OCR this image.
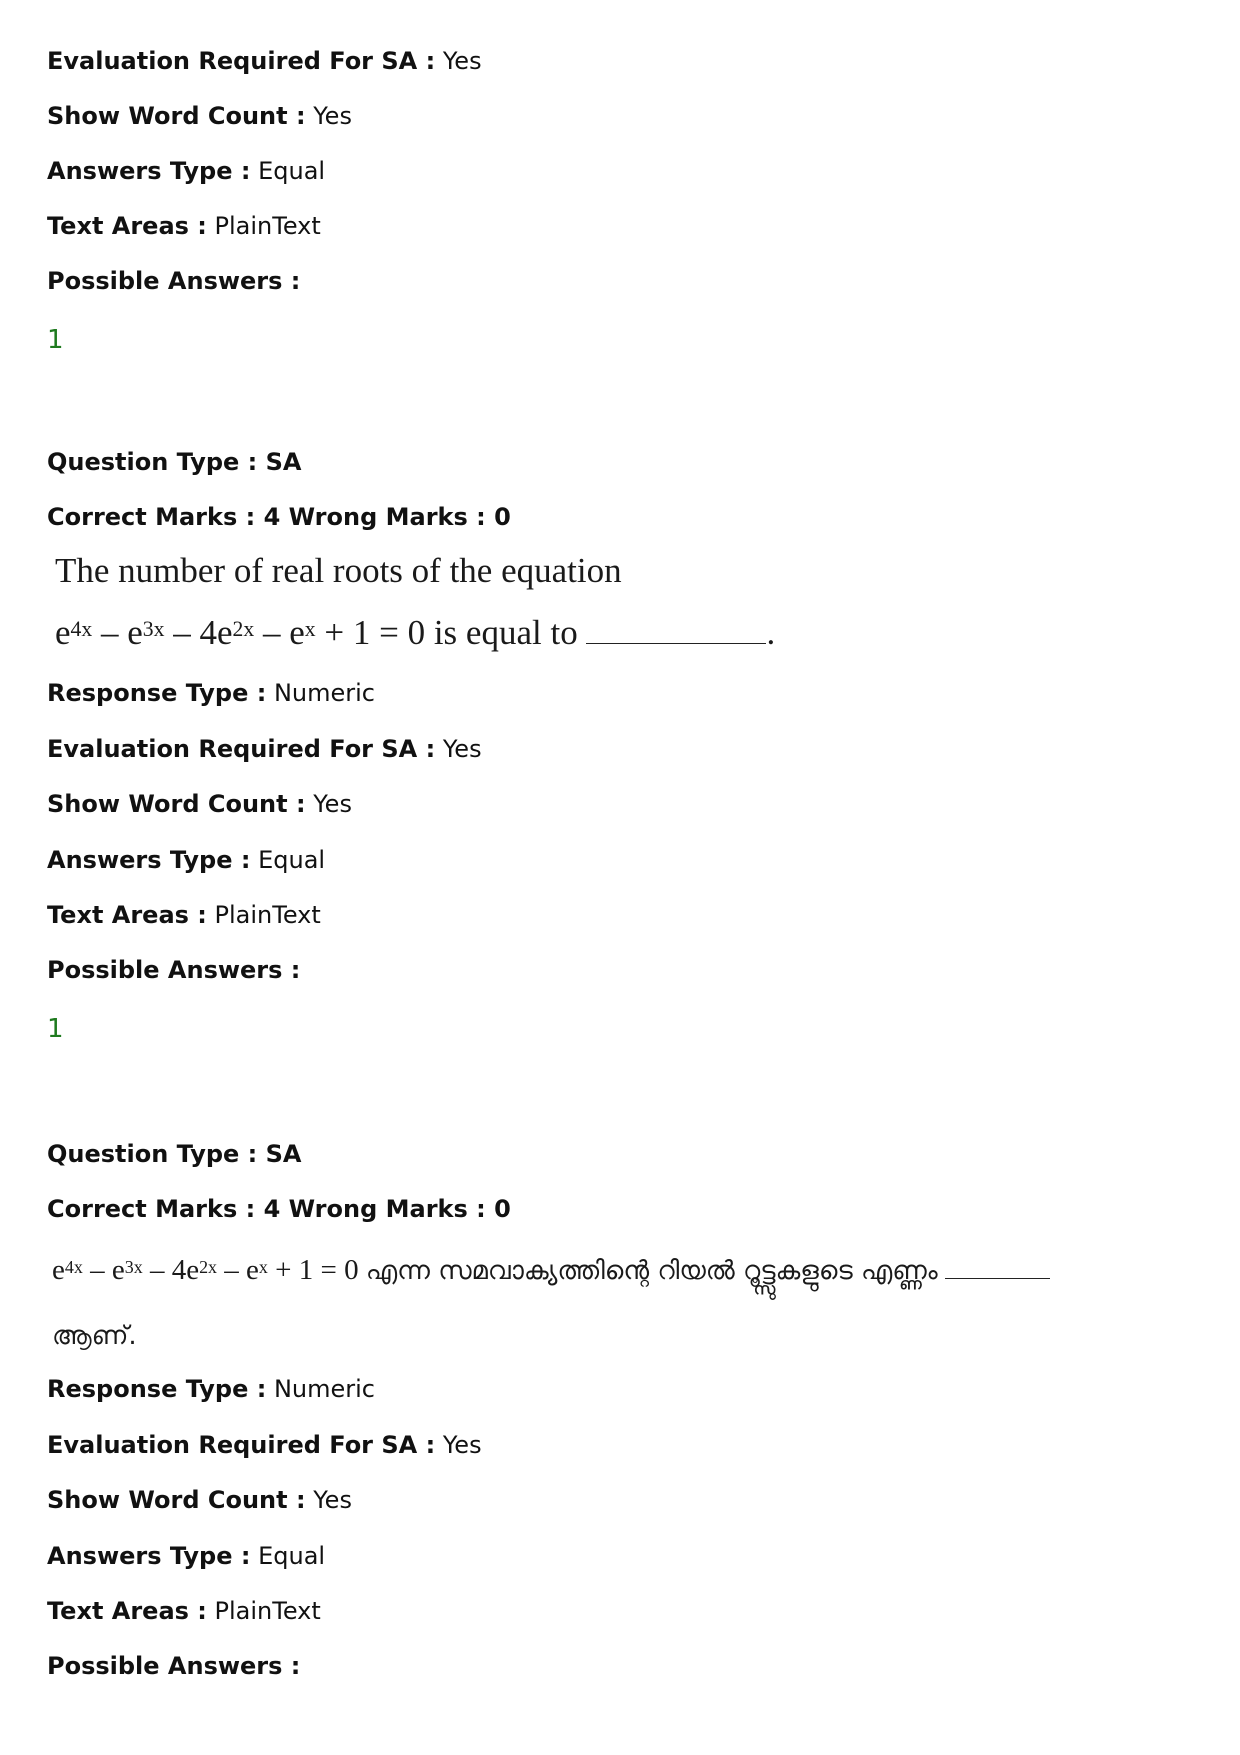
Evaluation Required For SA : Yes
Show Word Count : Yes
Answers Type : Equal
Text Areas : PlainText
Possible Answers :
1
Question Type : SA
Correct Marks : 4 Wrong Marks : 0
The number of real roots of the equation
$e^{4x} - e^{3x} - 4e^{2x} - e^x + 1 = 0$ is equal to	.
Response Type : Numeric
Evaluation Required For SA : Yes
Show Word Count : Yes
Answers Type : Equal
Text Areas : PlainText
Possible Answers :
1
Question Type : SA
Correct Marks : 4 Wrong Marks : 0
$e^{4x} - e^{3x} - 4e^{2x} - e^x + 1 = 0$ എന്ന സമവാക്യത്തിന്റെ റിയൽ റൂട്ട്സുകളുടെ എണ്ണം
ആണ്.
Response Type : Numeric
Evaluation Required For SA : Yes
Show Word Count : Yes
Answers Type : Equal
Text Areas : PlainText
Possible Answers :
